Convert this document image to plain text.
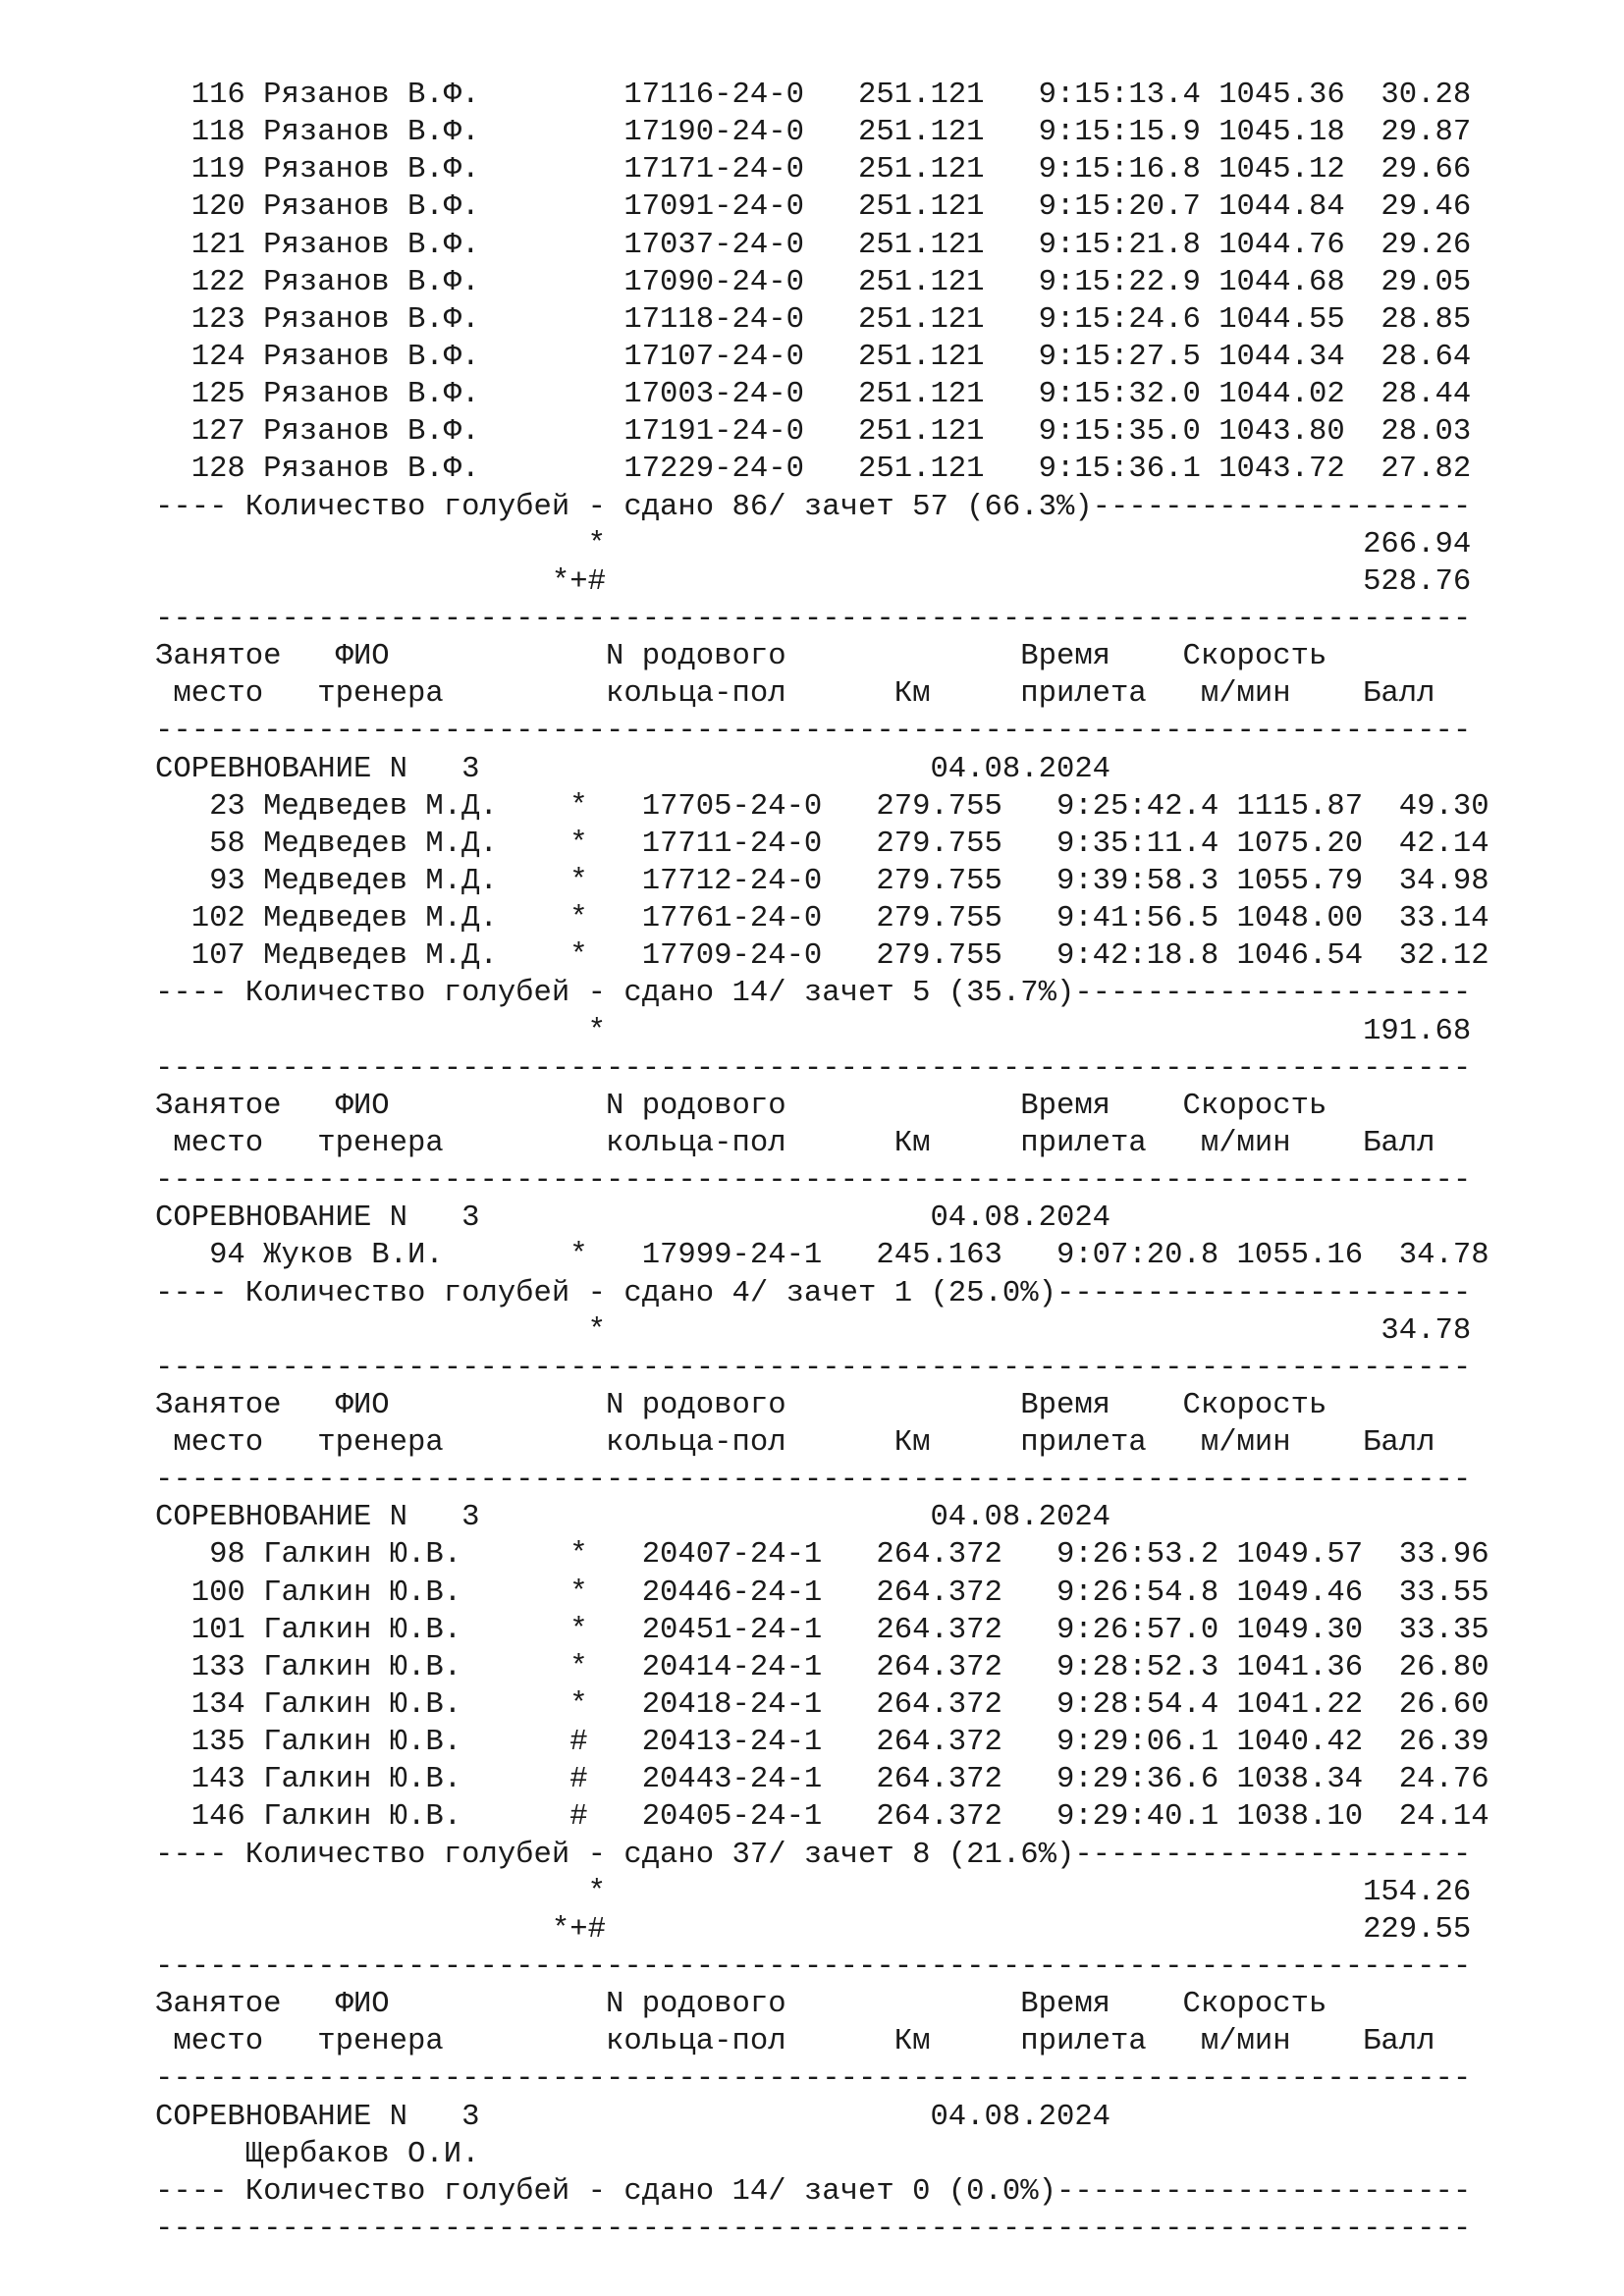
116 Рязанов В.Ф.        17116-24-0   251.121   9:15:13.4 1045.36  30.28
118 Рязанов В.Ф.        17190-24-0   251.121   9:15:15.9 1045.18  29.87
119 Рязанов В.Ф.        17171-24-0   251.121   9:15:16.8 1045.12  29.66
120 Рязанов В.Ф.        17091-24-0   251.121   9:15:20.7 1044.84  29.46
121 Рязанов В.Ф.        17037-24-0   251.121   9:15:21.8 1044.76  29.26
122 Рязанов В.Ф.        17090-24-0   251.121   9:15:22.9 1044.68  29.05
123 Рязанов В.Ф.        17118-24-0   251.121   9:15:24.6 1044.55  28.85
124 Рязанов В.Ф.        17107-24-0   251.121   9:15:27.5 1044.34  28.64
125 Рязанов В.Ф.        17003-24-0   251.121   9:15:32.0 1044.02  28.44
127 Рязанов В.Ф.        17191-24-0   251.121   9:15:35.0 1043.80  28.03
128 Рязанов В.Ф.        17229-24-0   251.121   9:15:36.1 1043.72  27.82
---- Количество голубей - сдано 86/ зачет 57 (66.3%)---------------------
*                                          266.94
*+#                                          528.76
-------------------------------------------------------------------------
Занятое   ФИО            N родового             Время    Скорость
место   тренера         кольца-пол      Км     прилета   м/мин    Балл
-------------------------------------------------------------------------
СОРЕВНОВАНИЕ N   3                         04.08.2024
23 Медведев М.Д.    *   17705-24-0   279.755   9:25:42.4 1115.87  49.30
58 Медведев М.Д.    *   17711-24-0   279.755   9:35:11.4 1075.20  42.14
93 Медведев М.Д.    *   17712-24-0   279.755   9:39:58.3 1055.79  34.98
102 Медведев М.Д.    *   17761-24-0   279.755   9:41:56.5 1048.00  33.14
107 Медведев М.Д.    *   17709-24-0   279.755   9:42:18.8 1046.54  32.12
---- Количество голубей - сдано 14/ зачет 5 (35.7%)----------------------
*                                          191.68
-------------------------------------------------------------------------
Занятое   ФИО            N родового             Время    Скорость
место   тренера         кольца-пол      Км     прилета   м/мин    Балл
-------------------------------------------------------------------------
СОРЕВНОВАНИЕ N   3                         04.08.2024
94 Жуков В.И.       *   17999-24-1   245.163   9:07:20.8 1055.16  34.78
---- Количество голубей - сдано 4/ зачет 1 (25.0%)-----------------------
*                                           34.78
-------------------------------------------------------------------------
Занятое   ФИО            N родового             Время    Скорость
место   тренера         кольца-пол      Км     прилета   м/мин    Балл
-------------------------------------------------------------------------
СОРЕВНОВАНИЕ N   3                         04.08.2024
98 Галкин Ю.В.      *   20407-24-1   264.372   9:26:53.2 1049.57  33.96
100 Галкин Ю.В.      *   20446-24-1   264.372   9:26:54.8 1049.46  33.55
101 Галкин Ю.В.      *   20451-24-1   264.372   9:26:57.0 1049.30  33.35
133 Галкин Ю.В.      *   20414-24-1   264.372   9:28:52.3 1041.36  26.80
134 Галкин Ю.В.      *   20418-24-1   264.372   9:28:54.4 1041.22  26.60
135 Галкин Ю.В.      #   20413-24-1   264.372   9:29:06.1 1040.42  26.39
143 Галкин Ю.В.      #   20443-24-1   264.372   9:29:36.6 1038.34  24.76
146 Галкин Ю.В.      #   20405-24-1   264.372   9:29:40.1 1038.10  24.14
---- Количество голубей - сдано 37/ зачет 8 (21.6%)----------------------
*                                          154.26
*+#                                          229.55
-------------------------------------------------------------------------
Занятое   ФИО            N родового             Время    Скорость
место   тренера         кольца-пол      Км     прилета   м/мин    Балл
-------------------------------------------------------------------------
СОРЕВНОВАНИЕ N   3                         04.08.2024
Щербаков О.И.
---- Количество голубей - сдано 14/ зачет 0 (0.0%)-----------------------
-------------------------------------------------------------------------
